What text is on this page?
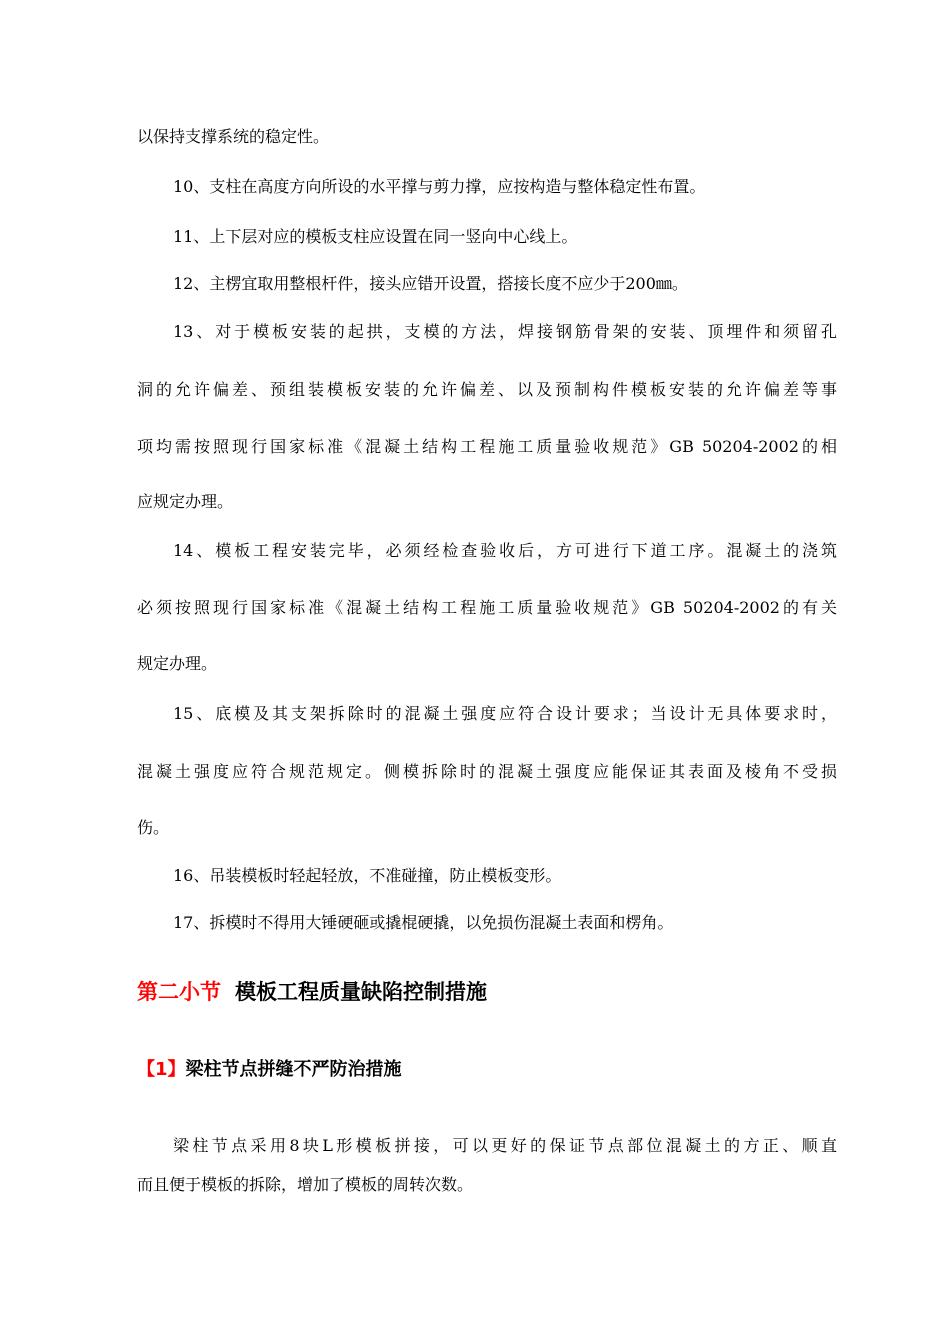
以保持支撑系统的稳定性。
10、支柱在高度方向所设的水平撑与剪力撑，应按构造与整体稳定性布置。
11、上下层对应的模板支柱应设置在同一竖向中心线上。
12、主楞宜取用整根杆件，接头应错开设置，搭接长度不应少于200㎜。
13、对于模板安装的起拱，支模的方法，焊接钢筋骨架的安装、顶埋件和须留孔
洞的允许偏差、预组装模板安装的允许偏差、以及预制构件模板安装的允许偏差等事
项均需按照现行国家标准《混凝土结构工程施工质量验收规范》GB 50204-2002的相
应规定办理。
14、模板工程安装完毕，必须经检查验收后，方可进行下道工序。混凝土的浇筑
必须按照现行国家标准《混凝土结构工程施工质量验收规范》GB 50204-2002的有关
规定办理。
15、底模及其支架拆除时的混凝土强度应符合设计要求；当设计无具体要求时，
混凝土强度应符合规范规定。侧模拆除时的混凝土强度应能保证其表面及棱角不受损
伤。
16、吊装模板时轻起轻放，不准碰撞，防止模板变形。
17、拆模时不得用大锤硬砸或撬棍硬撬，以免损伤混凝土表面和楞角。
第二小节 模板工程质量缺陷控制措施
【1】梁柱节点拼缝不严防治措施
梁柱节点采用8块L形模板拼接，可以更好的保证节点部位混凝土的方正、顺直
而且便于模板的拆除，增加了模板的周转次数。
